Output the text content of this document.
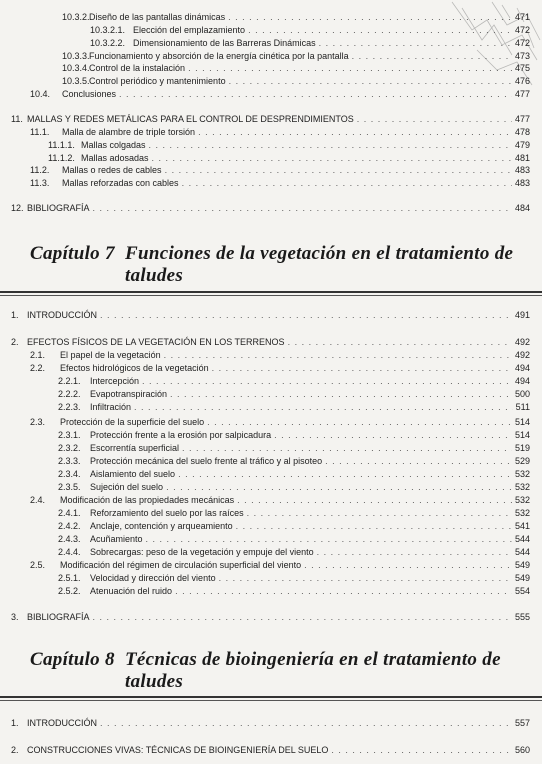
10.3.2. Diseño de las pantallas dinámicas . . .	471
10.3.2.1. Elección del emplazamiento . . .	472
10.3.2.2. Dimensionamiento de las Barreras Dinámicas . . .	472
10.3.3. Funcionamiento y absorción de la energía cinética por la pantalla . . .	473
10.3.4. Control de la instalación . . .	475
10.3.5. Control periódico y mantenimiento . . .	476
10.4.	Conclusiones . . .	477
11. MALLAS Y REDES METÁLICAS PARA EL CONTROL DE DESPRENDIMIENTOS . . .	477
11.1.	Malla de alambre de triple torsión . . .	478
11.1.1. Mallas colgadas . . .	479
11.1.2. Mallas adosadas . . .	481
11.2.	Mallas o redes de cables . . .	483
11.3.	Mallas reforzadas con cables . . .	483
12. BIBLIOGRAFÍA . . .	484
Capítulo 7 Funciones de la vegetación en el tratamiento de
taludes
1. INTRODUCCIÓN . . .	491
2. EFECTOS FÍSICOS DE LA VEGETACIÓN EN LOS TERRENOS . . .	492
2.1.	El papel de la vegetación . . .	492
2.2.	Efectos hidrológicos de la vegetación . . .	494
2.2.1.	Intercepción . . .	494
2.2.2.	Evapotranspiración . . .	500
2.2.3.	Infiltración . . .	511
2.3.	Protección de la superficie del suelo . . .	514
2.3.1.	Protección frente a la erosión por salpicadura . . .	514
2.3.2.	Escorrentía superficial . . .	519
2.3.3.	Protección mecánica del suelo frente al tráfico y al pisoteo . . .	529
2.3.4.	Aislamiento del suelo . . .	532
2.3.5.	Sujeción del suelo . . .	532
2.4.	Modificación de las propiedades mecánicas . . .	532
2.4.1.	Reforzamiento del suelo por las raíces . . .	532
2.4.2.	Anclaje, contención y arqueamiento . . .	541
2.4.3.	Acuñamiento . . .	544
2.4.4.	Sobrecargas: peso de la vegetación y empuje del viento . . .	544
2.5.	Modificación del régimen de circulación superficial del viento . . .	549
2.5.1.	Velocidad y dirección del viento . . .	549
2.5.2.	Atenuación del ruido . . .	554
3. BIBLIOGRAFÍA . . .	555
Capítulo 8 Técnicas de bioingeniería en el tratamiento de
taludes
1. INTRODUCCIÓN . . .	557
2. CONSTRUCCIONES VIVAS: TÉCNICAS DE BIOINGENIERÍA DEL SUELO . . .	560
